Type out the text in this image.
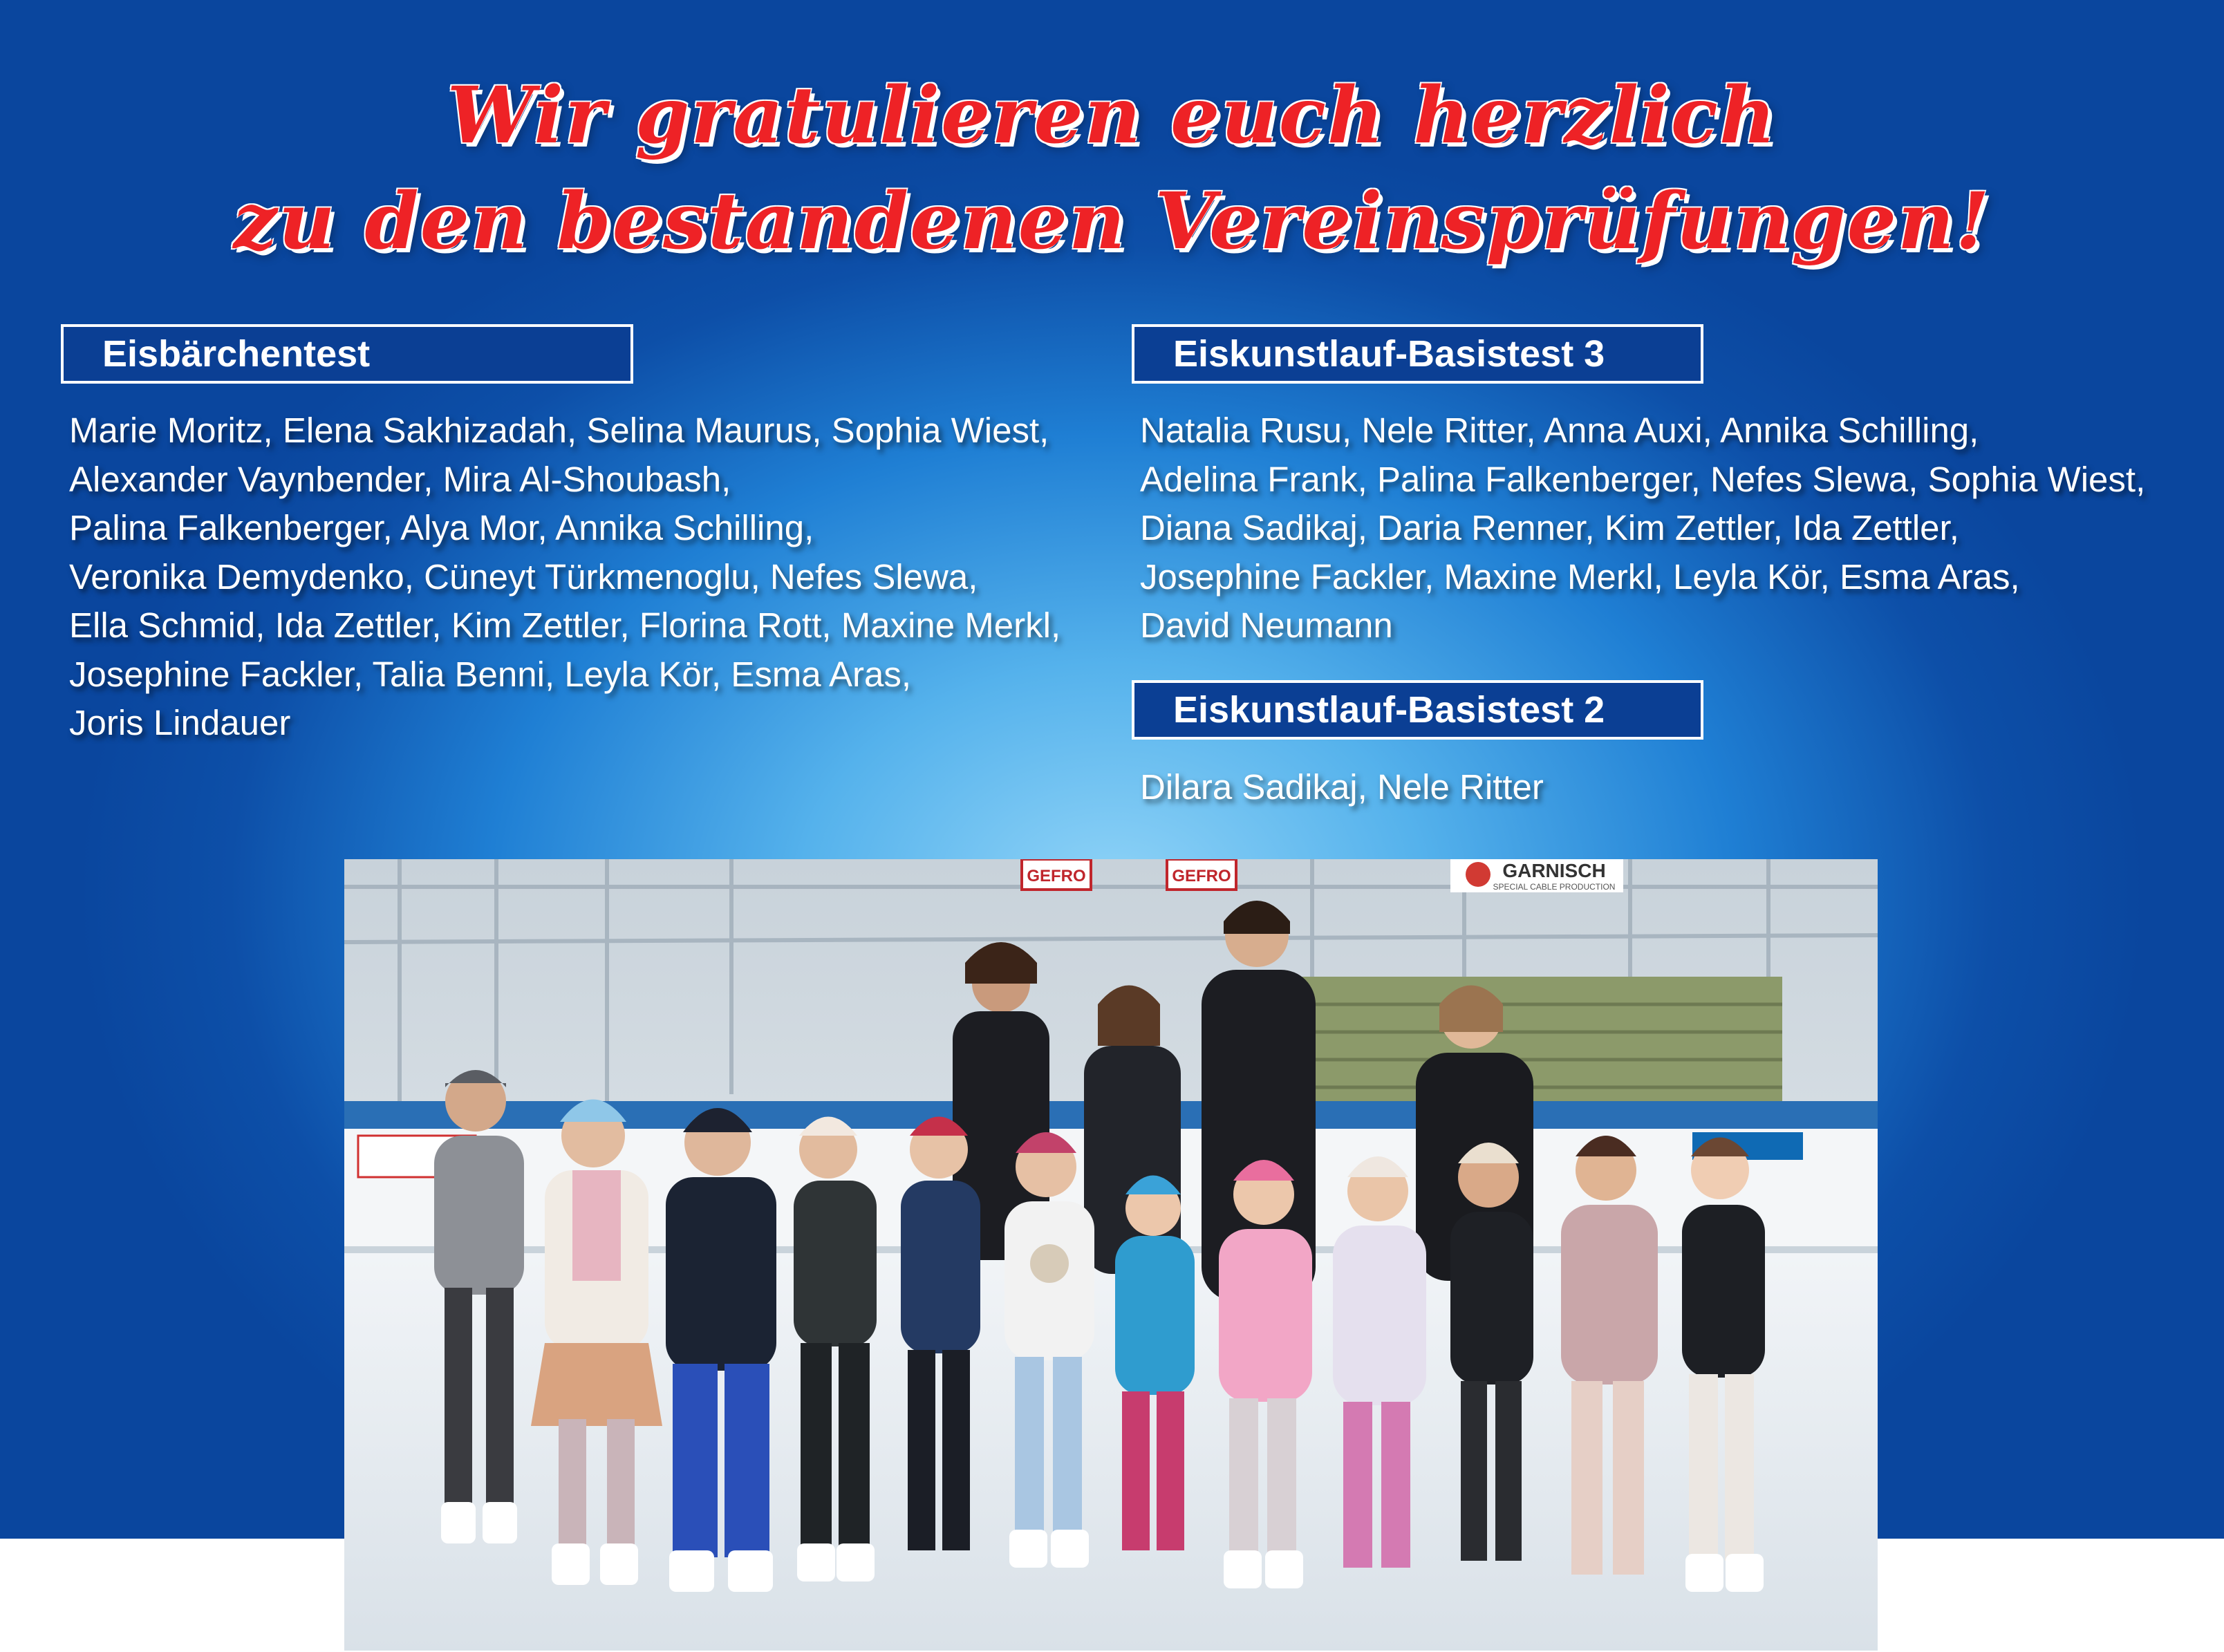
Wir gratulieren euch herzlich
zu den bestandenen Vereinsprüfungen!
Eisbärchentest
Marie Moritz, Elena Sakhizadah, Selina Maurus, Sophia Wiest,
Alexander Vaynbender, Mira Al-Shoubash,
Palina Falkenberger, Alya Mor, Annika Schilling,
Veronika Demydenko, Cüneyt Türkmenoglu, Nefes Slewa,
Ella Schmid, Ida Zettler, Kim Zettler, Florina Rott, Maxine Merkl,
Josephine Fackler, Talia Benni, Leyla Kör, Esma Aras,
Joris Lindauer
Eiskunstlauf-Basistest 3
Natalia Rusu, Nele Ritter, Anna Auxi, Annika Schilling,
Adelina Frank, Palina Falkenberger, Nefes Slewa, Sophia Wiest,
Diana Sadikaj, Daria Renner, Kim Zettler, Ida Zettler,
Josephine Fackler, Maxine Merkl, Leyla Kör, Esma Aras,
David Neumann
Eiskunstlauf-Basistest 2
Dilara Sadikaj, Nele Ritter
GEFRO	GEFRO	GARNISCH
SPECIAL CABLE PRODUCTION
